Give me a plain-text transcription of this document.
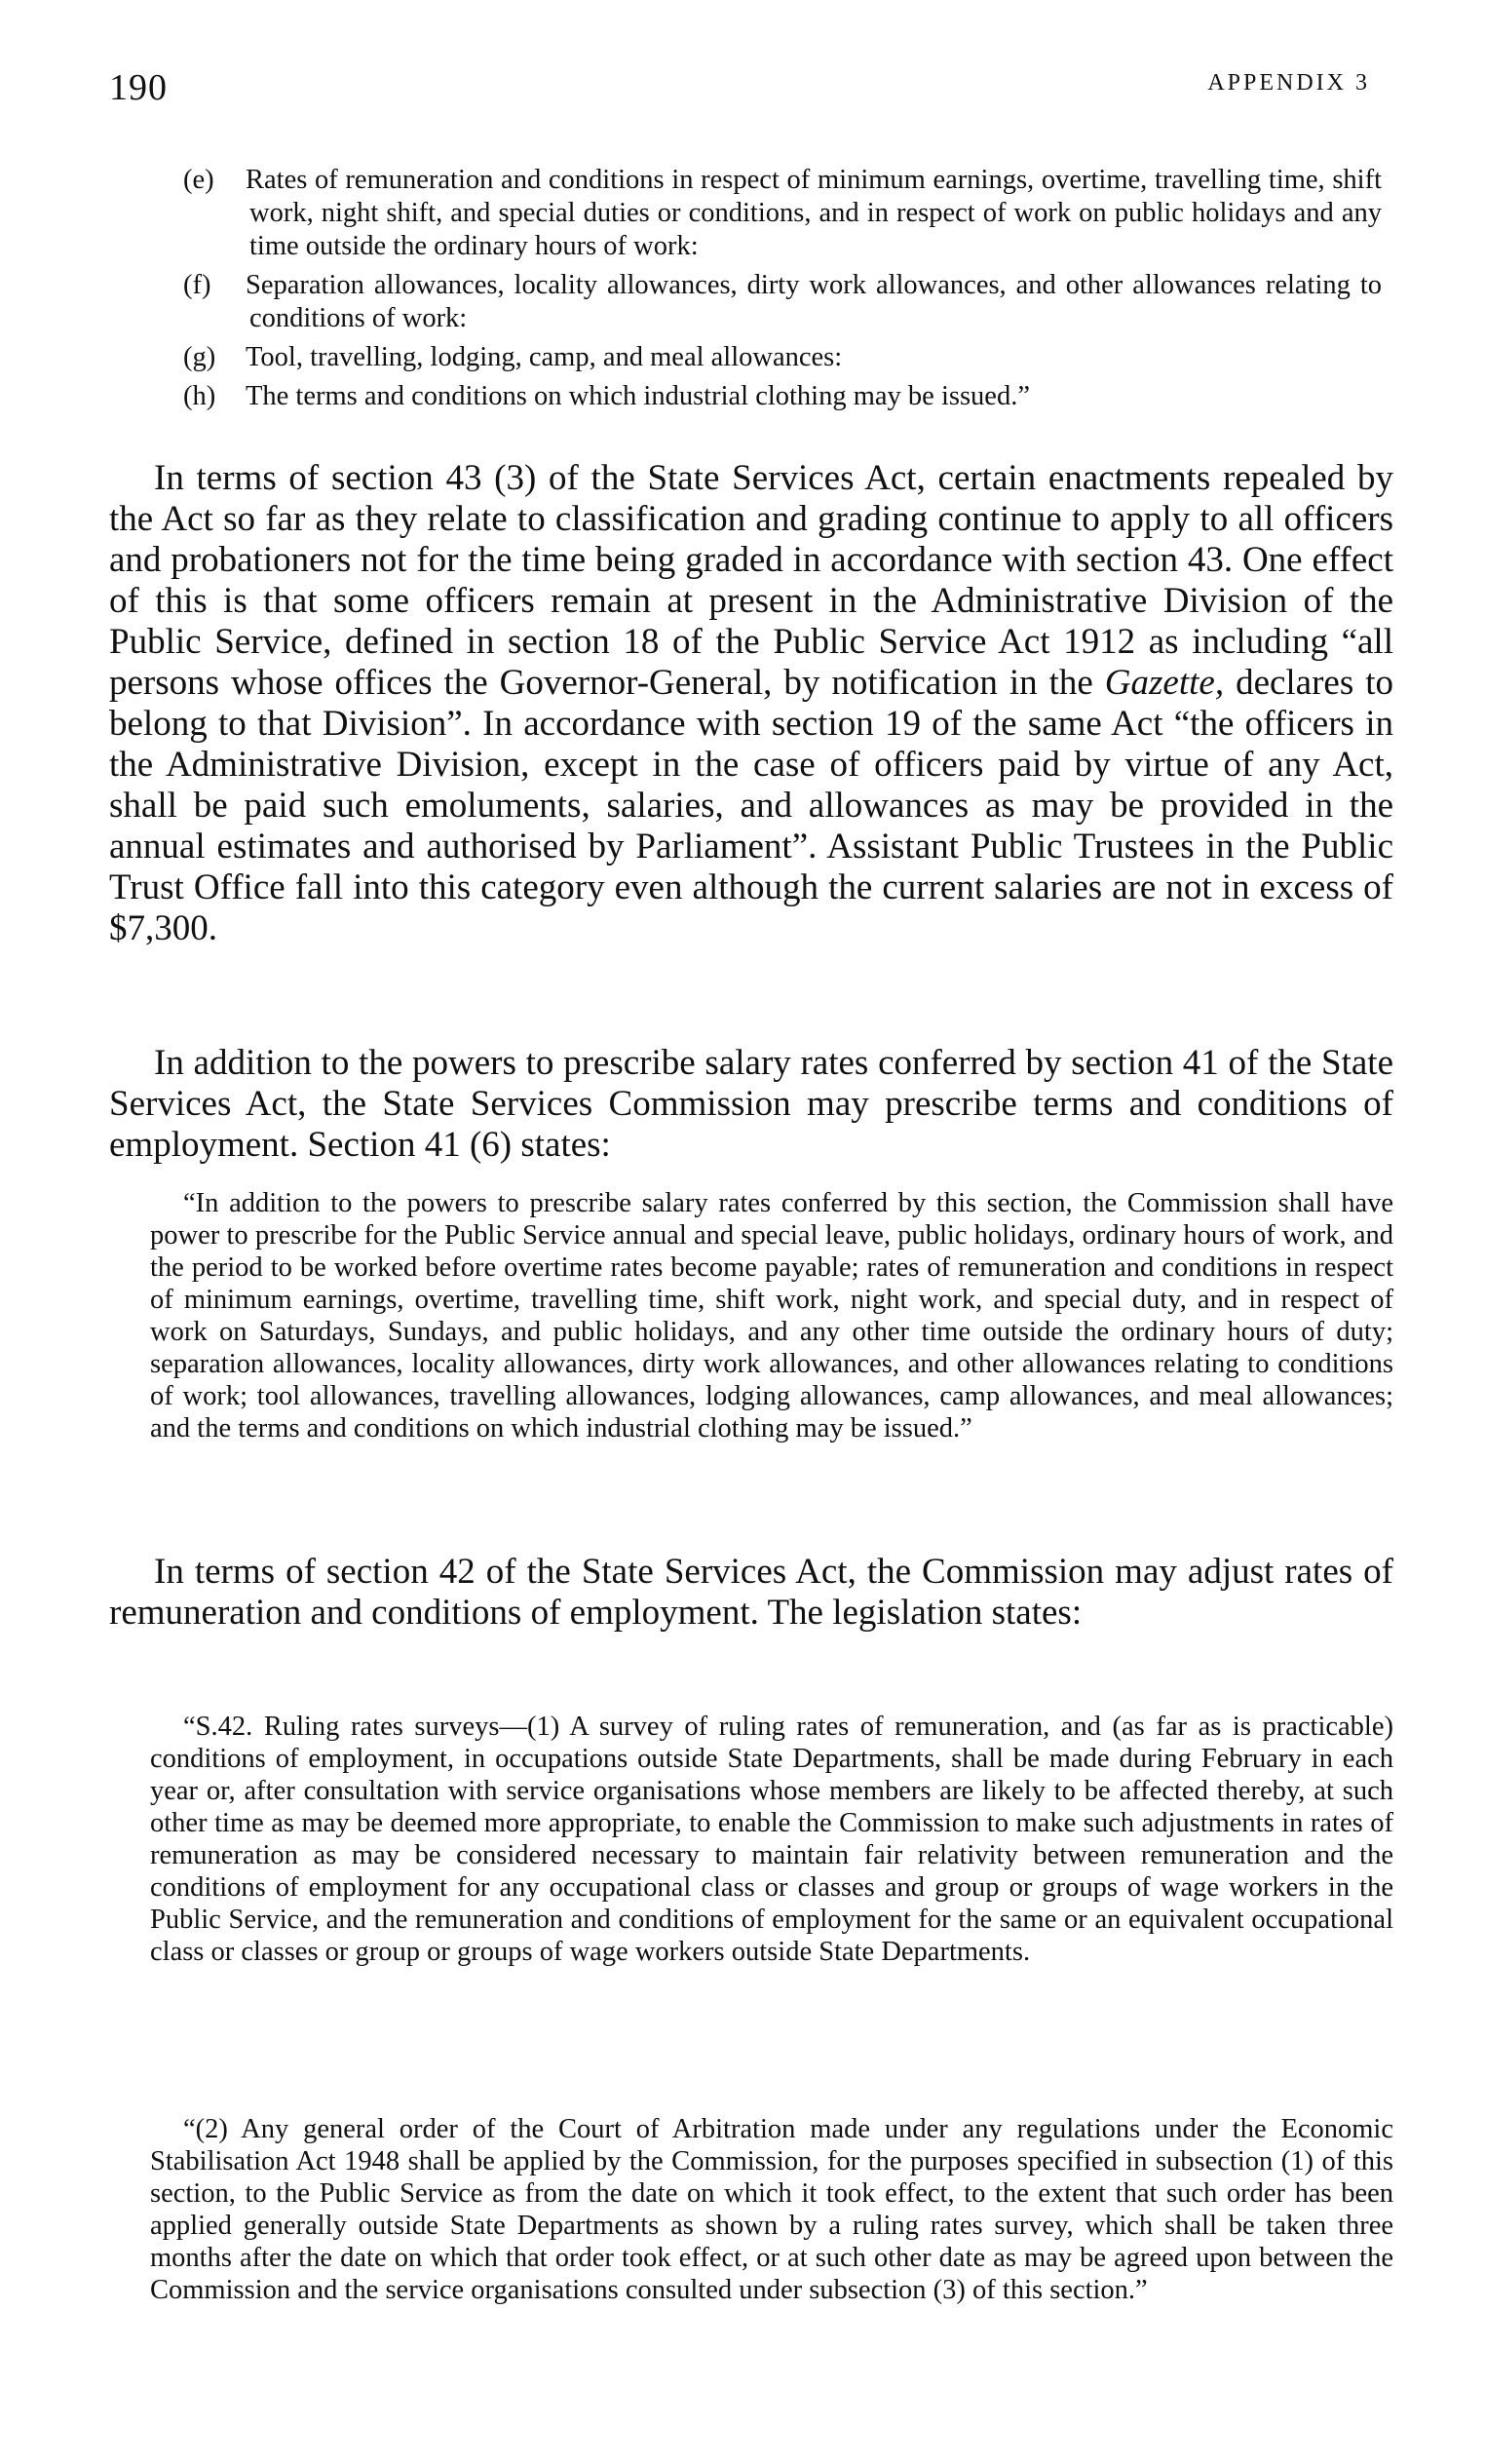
190	APPENDIX 3
(e) Rates of remuneration and conditions in respect of minimum earnings, overtime, travelling time, shift work, night shift, and special duties or conditions, and in respect of work on public holidays and any time outside the ordinary hours of work:
(f) Separation allowances, locality allowances, dirty work allowances, and other allowances relating to conditions of work:
(g) Tool, travelling, lodging, camp, and meal allowances:
(h) The terms and conditions on which industrial clothing may be issued.”

In terms of section 43 (3) of the State Services Act, certain enactments repealed by the Act so far as they relate to classification and grading continue to apply to all officers and probationers not for the time being graded in accordance with section 43. One effect of this is that some officers remain at present in the Administrative Division of the Public Service, defined in section 18 of the Public Service Act 1912 as including “all persons whose offices the Governor-General, by notification in the Gazette, declares to belong to that Division”. In accordance with section 19 of the same Act “the officers in the Administrative Division, except in the case of officers paid by virtue of any Act, shall be paid such emoluments, salaries, and allowances as may be provided in the annual estimates and authorised by Parliament”. Assistant Public Trustees in the Public Trust Office fall into this category even although the current salaries are not in excess of $7,300.

In addition to the powers to prescribe salary rates conferred by section 41 of the State Services Act, the State Services Commission may prescribe terms and conditions of employment. Section 41 (6) states:

“In addition to the powers to prescribe salary rates conferred by this section, the Commission shall have power to prescribe for the Public Service annual and special leave, public holidays, ordinary hours of work, and the period to be worked before overtime rates become payable; rates of remuneration and conditions in respect of minimum earnings, overtime, travelling time, shift work, night work, and special duty, and in respect of work on Saturdays, Sundays, and public holidays, and any other time outside the ordinary hours of duty; separation allowances, locality allowances, dirty work allowances, and other allowances relating to conditions of work; tool allowances, travelling allowances, lodging allowances, camp allowances, and meal allowances; and the terms and conditions on which industrial clothing may be issued.”

In terms of section 42 of the State Services Act, the Commission may adjust rates of remuneration and conditions of employment. The legislation states:

“S.42. Ruling rates surveys—(1) A survey of ruling rates of remuneration, and (as far as is practicable) conditions of employment, in occupations outside State Departments, shall be made during February in each year or, after consultation with service organisations whose members are likely to be affected thereby, at such other time as may be deemed more appropriate, to enable the Commission to make such adjustments in rates of remuneration as may be considered necessary to maintain fair relativity between remuneration and the conditions of employment for any occupational class or classes and group or groups of wage workers in the Public Service, and the remuneration and conditions of employment for the same or an equivalent occupational class or classes or group or groups of wage workers outside State Departments.

“(2) Any general order of the Court of Arbitration made under any regulations under the Economic Stabilisation Act 1948 shall be applied by the Commission, for the purposes specified in subsection (1) of this section, to the Public Service as from the date on which it took effect, to the extent that such order has been applied generally outside State Departments as shown by a ruling rates survey, which shall be taken three months after the date on which that order took effect, or at such other date as may be agreed upon between the Commission and the service organisations consulted under subsection (3) of this section.”
